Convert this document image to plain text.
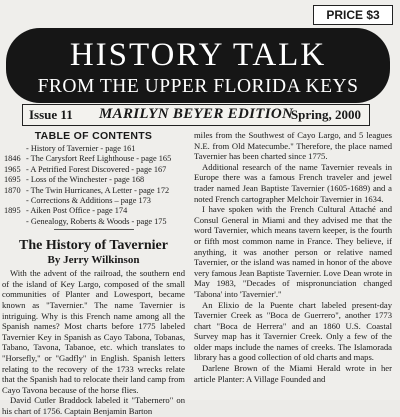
PRICE $3
HISTORY TALK
FROM THE UPPER FLORIDA KEYS
Issue 11 MARILYN BEYER EDITION
Spring, 2000
TABLE OF CONTENTS
- History of Tavernier - page 161
1846 - The Carysfort Reef Lighthouse - page 165
1965 - A Petrified Forest Discovered - page 167
1695 - Loss of the Winchester - page 168
1870 - The Twin Hurricanes, A Letter - page 172
- Corrections & Additions – page 173
1895 - Aiken Post Office - page 174
- Genealogy, Roberts & Woods - page 175
The History of Tavernier
By Jerry Wilkinson

With the advent of the railroad, the southern end of the island of Key Largo, composed of the small communities of Planter and Lowesport, became known as "Tavernier." The name Tavernier is intriguing. Why is this French name among all the Spanish names? Most charts before 1775 labeled Tavernier Key in Spanish as Cayo Tabona, Tobanas, Tabano, Tavona, Tabanoe, etc. which translates to "Horsefly," or "Gadfly" in English. Spanish letters relating to the recovery of the 1733 wrecks relate that the Spanish had to relocate their land camp from Cayo Tavona because of the horse flies.

David Cutler Braddock labeled it "Tabernero" on his chart of 1756. Captain Benjamin Barton

miles from the Southwest of Cayo Largo, and 5 leagues N.E. from Old Matecumbe." Therefore, the place named Tavernier has been charted since 1775.

Additional research of the name Tavernier reveals in Europe there was a famous French traveler and jewel trader named Jean Baptiste Tavernier (1605-1689) and a noted French cartographer Melchoir Tavernier in 1634.

I have spoken with the French Cultural Attaché and Consul General in Miami and they advised me that the word Tavernier, which means tavern keeper, is the fourth or fifth most common name in France. They believe, if anything, it was another person or relative named Tavernier, or the island was named in honor of the above very famous Jean Baptiste Tavernier. Love Dean wrote in May 1983, "Decades of mispronunciation changed 'Tabona' into 'Tavernier'."

An Elixio de la Puente chart labeled present-day Tavernier Creek as "Boca de Guerrero", another 1773 chart "Boca de Herrera" and an 1860 U.S. Coastal Survey map has it Tavernier Creek. Only a few of the older maps include the names of creeks. The Islamorada library has a good collection of old charts and maps.

Darlene Brown of the Miami Herald wrote in her article Planter: A Village Founded and
